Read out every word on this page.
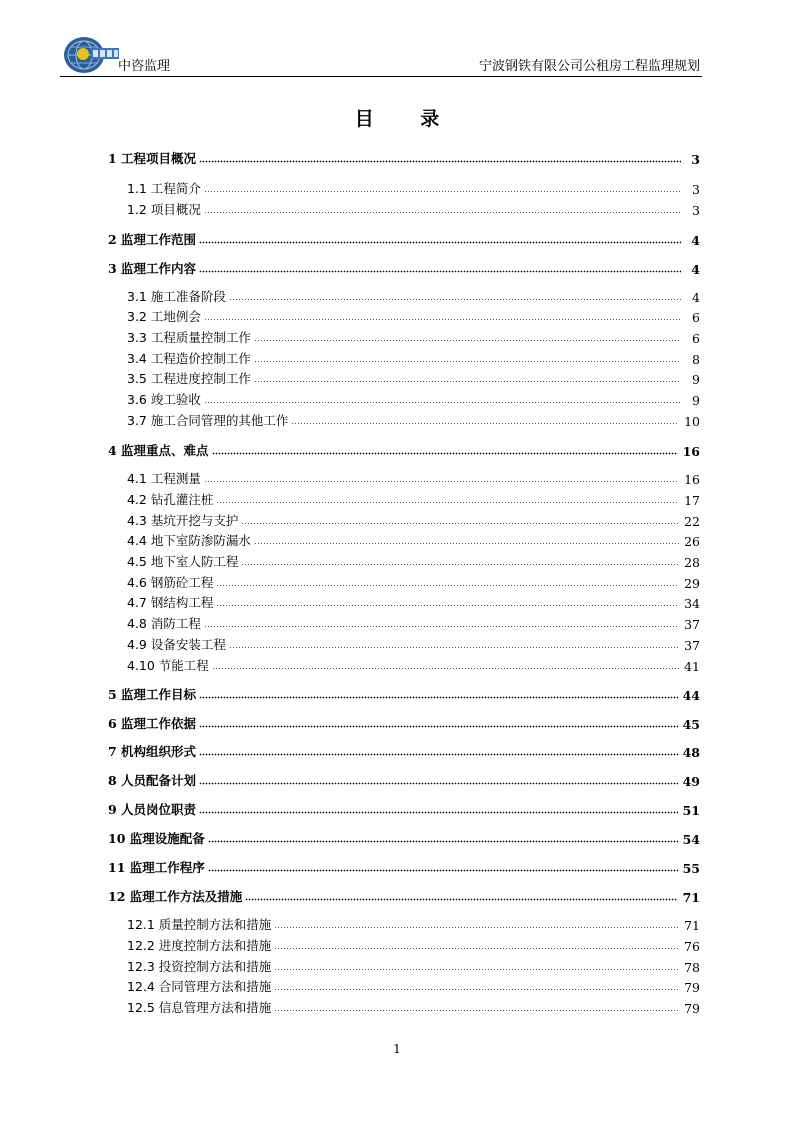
中咨监理	宁波钢铁有限公司公租房工程监理规划
目 录
1 工程项目概况	3
1.1 工程简介	3
1.2 项目概况	3
2 监理工作范围	4
3 监理工作内容	4
3.1 施工准备阶段	4
3.2 工地例会	6
3.3 工程质量控制工作	6
3.4 工程造价控制工作	8
3.5 工程进度控制工作	9
3.6 竣工验收	9
3.7 施工合同管理的其他工作	10
4 监理重点、难点	16
4.1 工程测量	16
4.2 钻孔灌注桩	17
4.3 基坑开挖与支护	22
4.4 地下室防渗防漏水	26
4.5 地下室人防工程	28
4.6 钢筋砼工程	29
4.7 钢结构工程	34
4.8 消防工程	37
4.9 设备安装工程	37
4.10 节能工程	41
5 监理工作目标	44
6 监理工作依据	45
7 机构组织形式	48
8 人员配备计划	49
9 人员岗位职责	51
10 监理设施配备	54
11 监理工作程序	55
12 监理工作方法及措施	71
12.1 质量控制方法和措施	71
12.2 进度控制方法和措施	76
12.3 投资控制方法和措施	78
12.4 合同管理方法和措施	79
12.5 信息管理方法和措施	79
1
